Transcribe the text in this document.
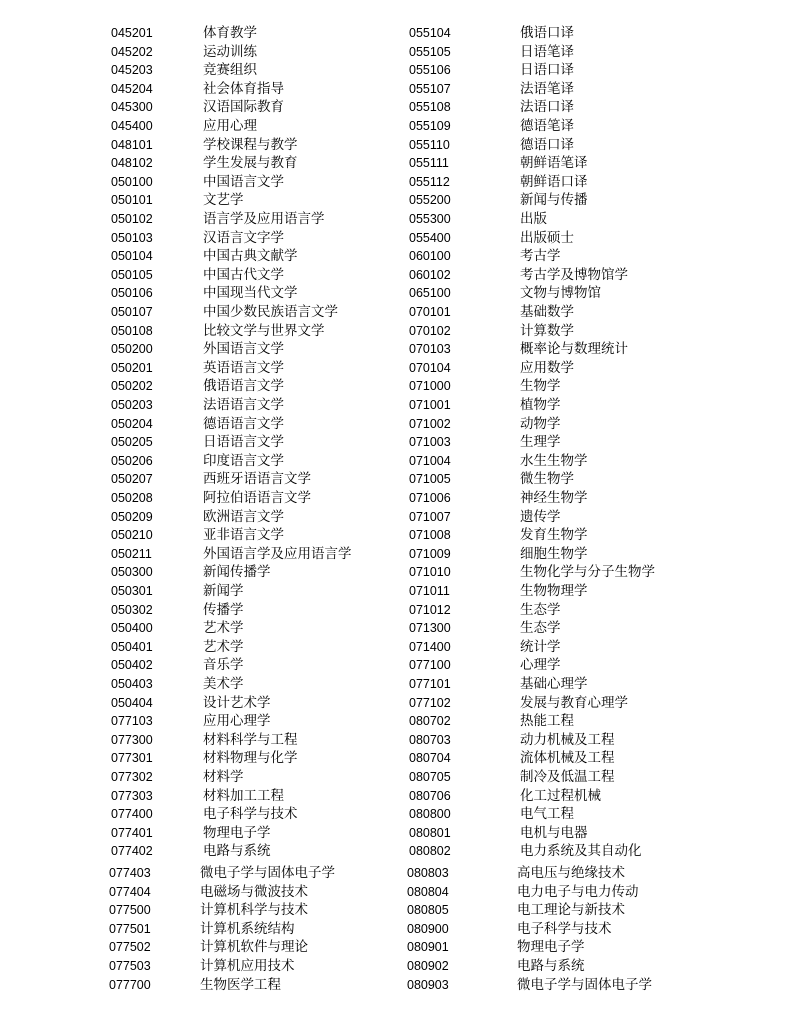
045201	体育教学	055104	俄语口译
045202	运动训练	055105	日语笔译
045203	竞赛组织	055106	日语口译
045204	社会体育指导	055107	法语笔译
045300	汉语国际教育	055108	法语口译
045400	应用心理	055109	德语笔译
048101	学校课程与教学	055110	德语口译
048102	学生发展与教育	055111	朝鲜语笔译
050100	中国语言文学	055112	朝鲜语口译
050101	文艺学	055200	新闻与传播
050102	语言学及应用语言学	055300	出版
050103	汉语言文字学	055400	出版硕士
050104	中国古典文献学	060100	考古学
050105	中国古代文学	060102	考古学及博物馆学
050106	中国现当代文学	065100	文物与博物馆
050107	中国少数民族语言文学	070101	基础数学
050108	比较文学与世界文学	070102	计算数学
050200	外国语言文学	070103	概率论与数理统计
050201	英语语言文学	070104	应用数学
050202	俄语语言文学	071000	生物学
050203	法语语言文学	071001	植物学
050204	德语语言文学	071002	动物学
050205	日语语言文学	071003	生理学
050206	印度语言文学	071004	水生生物学
050207	西班牙语语言文学	071005	微生物学
050208	阿拉伯语语言文学	071006	神经生物学
050209	欧洲语言文学	071007	遗传学
050210	亚非语言文学	071008	发育生物学
050211	外国语言学及应用语言学	071009	细胞生物学
050300	新闻传播学	071010	生物化学与分子生物学
050301	新闻学	071011	生物物理学
050302	传播学	071012	生态学
050400	艺术学	071300	生态学
050401	艺术学	071400	统计学
050402	音乐学	077100	心理学
050403	美术学	077101	基础心理学
050404	设计艺术学	077102	发展与教育心理学
077103	应用心理学	080702	热能工程
077300	材料科学与工程	080703	动力机械及工程
077301	材料物理与化学	080704	流体机械及工程
077302	材料学	080705	制冷及低温工程
077303	材料加工工程	080706	化工过程机械
077400	电子科学与技术	080800	电气工程
077401	物理电子学	080801	电机与电器
077402	电路与系统	080802	电力系统及其自动化
077403	微电子学与固体电子学	080803	高电压与绝缘技术
077404	电磁场与微波技术	080804	电力电子与电力传动
077500	计算机科学与技术	080805	电工理论与新技术
077501	计算机系统结构	080900	电子科学与技术
077502	计算机软件与理论	080901	物理电子学
077503	计算机应用技术	080902	电路与系统
077700	生物医学工程	080903	微电子学与固体电子学
